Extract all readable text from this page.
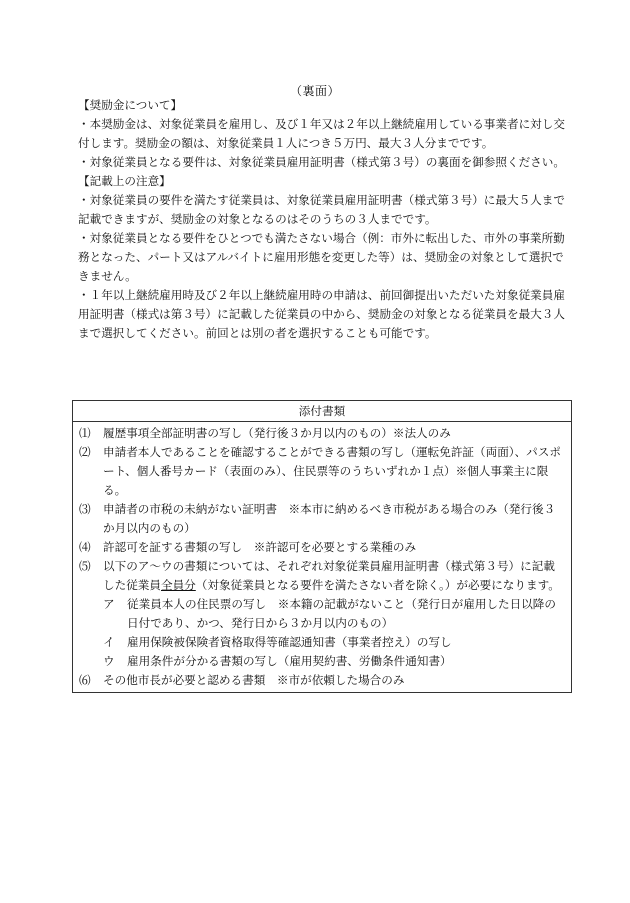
（裏面）

【奨励金について】

・本奨励金は、対象従業員を雇用し、及び１年又は２年以上継続雇用している事業者に対し交付します。奨励金の額は、対象従業員１人につき５万円、最大３人分までです。

・対象従業員となる要件は、対象従業員雇用証明書（様式第３号）の裏面を御参照ください。

【記載上の注意】

・対象従業員の要件を満たす従業員は、対象従業員雇用証明書（様式第３号）に最大５人まで記載できますが、奨励金の対象となるのはそのうちの３人までです。

・対象従業員となる要件をひとつでも満たさない場合（例：市外に転出した、市外の事業所勤務となった、パート又はアルバイトに雇用形態を変更した等）は、奨励金の対象として選択できません。

・１年以上継続雇用時及び２年以上継続雇用時の申請は、前回御提出いただいた対象従業員雇用証明書（様式は第３号）に記載した従業員の中から、奨励金の対象となる従業員を最大３人まで選択してください。前回とは別の者を選択することも可能です。

添付書類

⑴	履歴事項全部証明書の写し（発行後３か月以内のもの）※法人のみ
⑵	申請者本人であることを確認することができる書類の写し（運転免許証（両面）、パスポート、個人番号カード（表面のみ）、住民票等のうちいずれか１点）※個人事業主に限る。
⑶	申請者の市税の未納がない証明書　※本市に納めるべき市税がある場合のみ（発行後３か月以内のもの）
⑷	許認可を証する書類の写し　※許認可を必要とする業種のみ
⑸	以下のア～ウの書類については、それぞれ対象従業員雇用証明書（様式第３号）に記載した従業員全員分（対象従業員となる要件を満たさない者を除く。）が必要になります。
ア	従業員本人の住民票の写し　※本籍の記載がないこと（発行日が雇用した日以降の日付であり、かつ、発行日から３か月以内のもの）
イ	雇用保険被保険者資格取得等確認通知書（事業者控え）の写し
ウ	雇用条件が分かる書類の写し（雇用契約書、労働条件通知書）
⑹	その他市長が必要と認める書類　※市が依頼した場合のみ
